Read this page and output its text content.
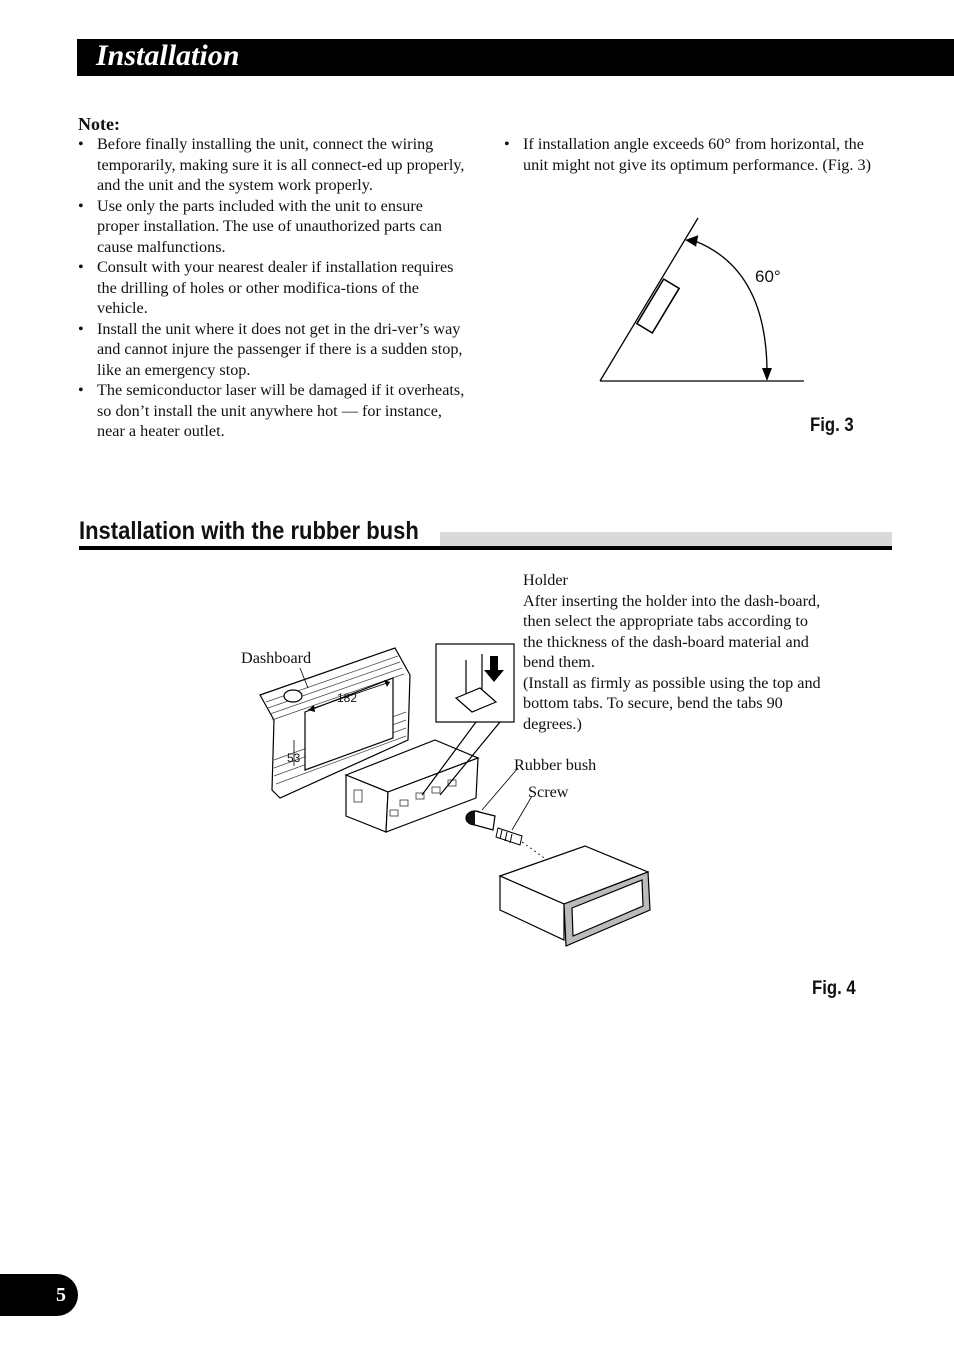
Installation
Note:
• Before finally installing the unit, connect the wiring temporarily, making sure it is all connect-ed up properly, and the unit and the system work properly.
• Use only the parts included with the unit to ensure proper installation. The use of unauthorized parts can cause malfunctions.
• Consult with your nearest dealer if installation requires the drilling of holes or other modifica-tions of the vehicle.
• Install the unit where it does not get in the dri-ver’s way and cannot injure the passenger if there is a sudden stop, like an emergency stop.
• The semiconductor laser will be damaged if it overheats, so don’t install the unit anywhere hot — for instance, near a heater outlet.
• If installation angle exceeds 60° from horizontal, the unit might not give its optimum performance. (Fig. 3)
60°
Fig. 3
Installation with the rubber bush
Holder
After inserting the holder into the dash-board, then select the appropriate tabs according to the thickness of the dash-board material and bend them.
(Install as firmly as possible using the top and bottom tabs. To secure, bend the tabs 90 degrees.)
182
53
Dashboard
Rubber bush
Screw
Fig. 4
5
